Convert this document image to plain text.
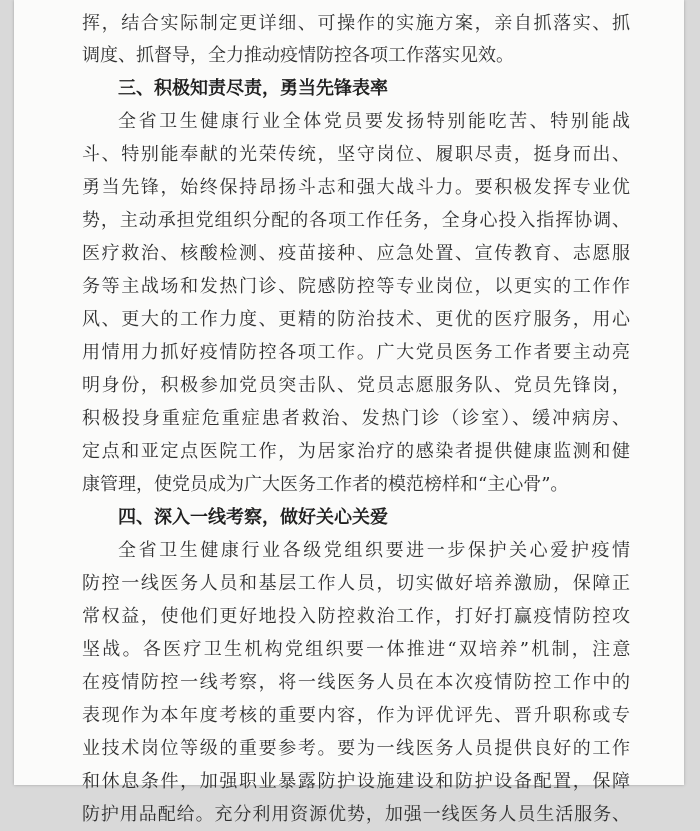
挥，结合实际制定更详细、可操作的实施方案，亲自抓落实、抓
调度、抓督导，全力推动疫情防控各项工作落实见效。
三、积极知责尽责，勇当先锋表率
全省卫生健康行业全体党员要发扬特别能吃苦、特别能战
斗、特别能奉献的光荣传统，坚守岗位、履职尽责，挺身而出、
勇当先锋，始终保持昂扬斗志和强大战斗力。要积极发挥专业优
势，主动承担党组织分配的各项工作任务，全身心投入指挥协调、
医疗救治、核酸检测、疫苗接种、应急处置、宣传教育、志愿服
务等主战场和发热门诊、院感防控等专业岗位，以更实的工作作
风、更大的工作力度、更精的防治技术、更优的医疗服务，用心
用情用力抓好疫情防控各项工作。广大党员医务工作者要主动亮
明身份，积极参加党员突击队、党员志愿服务队、党员先锋岗，
积极投身重症危重症患者救治、发热门诊（诊室）、缓冲病房、
定点和亚定点医院工作，为居家治疗的感染者提供健康监测和健
康管理，使党员成为广大医务工作者的模范榜样和“主心骨”。
四、深入一线考察，做好关心关爱
全省卫生健康行业各级党组织要进一步保护关心爱护疫情
防控一线医务人员和基层工作人员，切实做好培养激励，保障正
常权益，使他们更好地投入防控救治工作，打好打赢疫情防控攻
坚战。各医疗卫生机构党组织要一体推进“双培养”机制，注意
在疫情防控一线考察，将一线医务人员在本次疫情防控工作中的
表现作为本年度考核的重要内容，作为评优评先、晋升职称或专
业技术岗位等级的重要参考。要为一线医务人员提供良好的工作
和休息条件，加强职业暴露防护设施建设和防护设备配置，保障
防护用品配给。充分利用资源优势，加强一线医务人员生活服务、
